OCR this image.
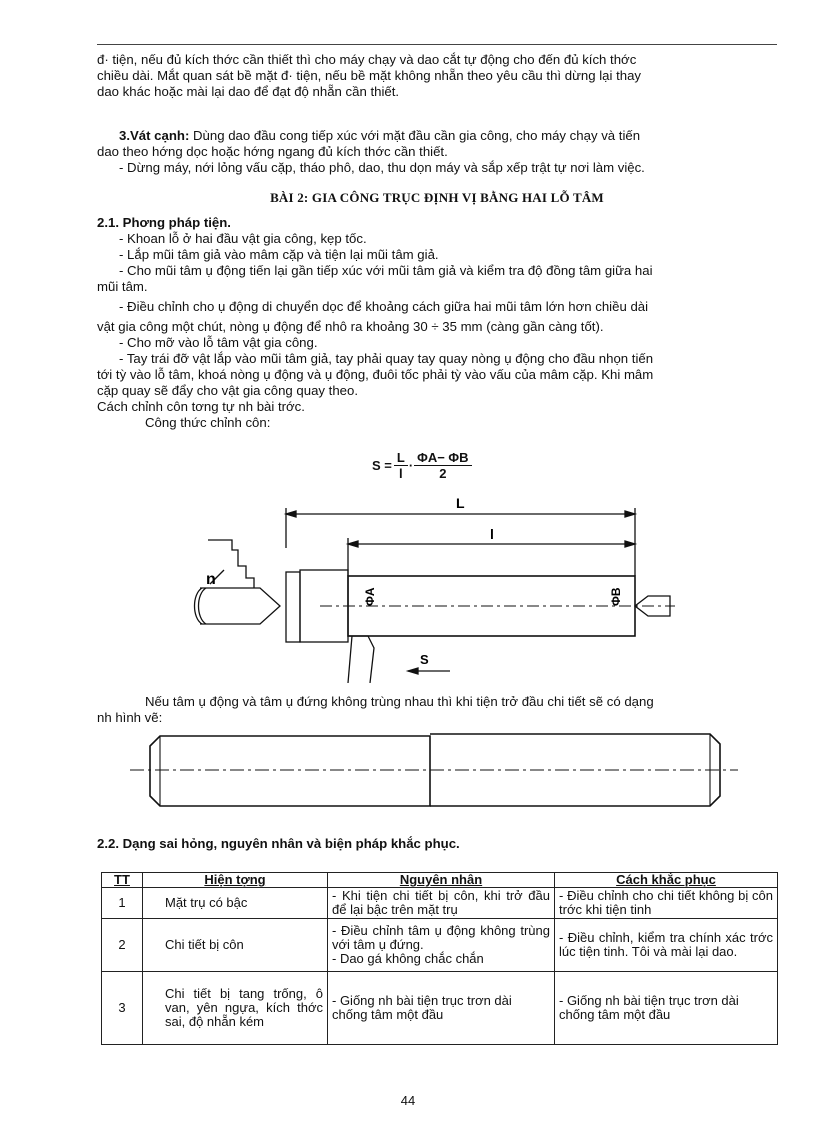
đ· tiện, nếu đủ kích thớc cần thiết thì cho máy chạy và dao cắt tự động cho đến đủ kích thớc

chiều dài. Mắt quan sát bề mặt đ· tiện, nếu bề mặt không nhẵn theo yêu cầu thì dừng lại thay

dao khác hoặc mài lại dao để đạt độ nhẵn cần thiết.

3.Vát cạnh: Dùng dao đầu cong tiếp xúc với mặt đầu cần gia công, cho máy chạy và tiến

dao theo hớng dọc hoặc hớng ngang đủ kích thớc cần thiết.

- Dừng máy, nới lỏng vấu cặp, tháo phô, dao, thu dọn máy và sắp xếp trật tự nơi làm việc.

BÀI 2: GIA CÔNG TRỤC ĐỊNH VỊ BẰNG HAI LỖ TÂM

2.1. Phơng pháp tiện.

- Khoan lỗ ở hai đầu vật gia công, kẹp tốc.

- Lắp mũi tâm giả vào mâm cặp và tiện lại mũi tâm giả.

- Cho mũi tâm ụ động tiến lại gần tiếp xúc với mũi tâm giả và kiểm tra độ đồng tâm giữa hai

mũi tâm.

- Điều chỉnh cho ụ động di chuyển dọc để khoảng cách giữa hai mũi tâm lớn hơn chiều dài

vật gia công một chút, nòng ụ động để nhô ra khoảng 30 ÷ 35 mm (càng gần càng tốt).

- Cho mỡ vào lỗ tâm vật gia công.

- Tay trái đỡ vật lắp vào mũi tâm giả, tay phải quay tay quay nòng ụ động cho đầu nhọn tiến

tới tỳ vào lỗ tâm, khoá nòng ụ động và ụ động, đuôi tốc phải tỳ vào vấu của mâm cặp. Khi mâm

cặp quay sẽ đẩy cho vật gia công quay theo.

Cách chỉnh côn tơng tự nh bài trớc.

Công thức chỉnh côn:

S =	L	·	ΦA− ΦB
	l		2
L
l
n
ΦA	ΦB
S

Nếu tâm ụ động và tâm ụ đứng không trùng nhau thì khi tiện trở đầu chi tiết sẽ có dạng

nh hình vẽ:

2.2. Dạng sai hỏng, nguyên nhân và biện pháp khắc phục.
TT	Hiện tợng	Nguyên nhân	Cách khắc phục
1	Mặt trụ có bậc	- Khi tiện chi tiết bị côn, khi trở đầu để lại bậc trên mặt trụ	- Điều chỉnh cho chi tiết không bị côn trớc khi tiện tinh
2	Chi tiết bị côn	- Điều chỉnh tâm ụ động không trùng với tâm ụ đứng.
- Dao gá không chắc chắn	- Điều chỉnh, kiểm tra chính xác trớc lúc tiện tinh. Tôi và mài lại dao.
3	Chi tiết bị tang trống, ô van, yên ngựa, kích thớc sai, độ nhẵn kém	- Giống nh bài tiện trục trơn dài chống tâm một đầu	- Giống nh bài tiện trục trơn dài chống tâm một đầu
44
